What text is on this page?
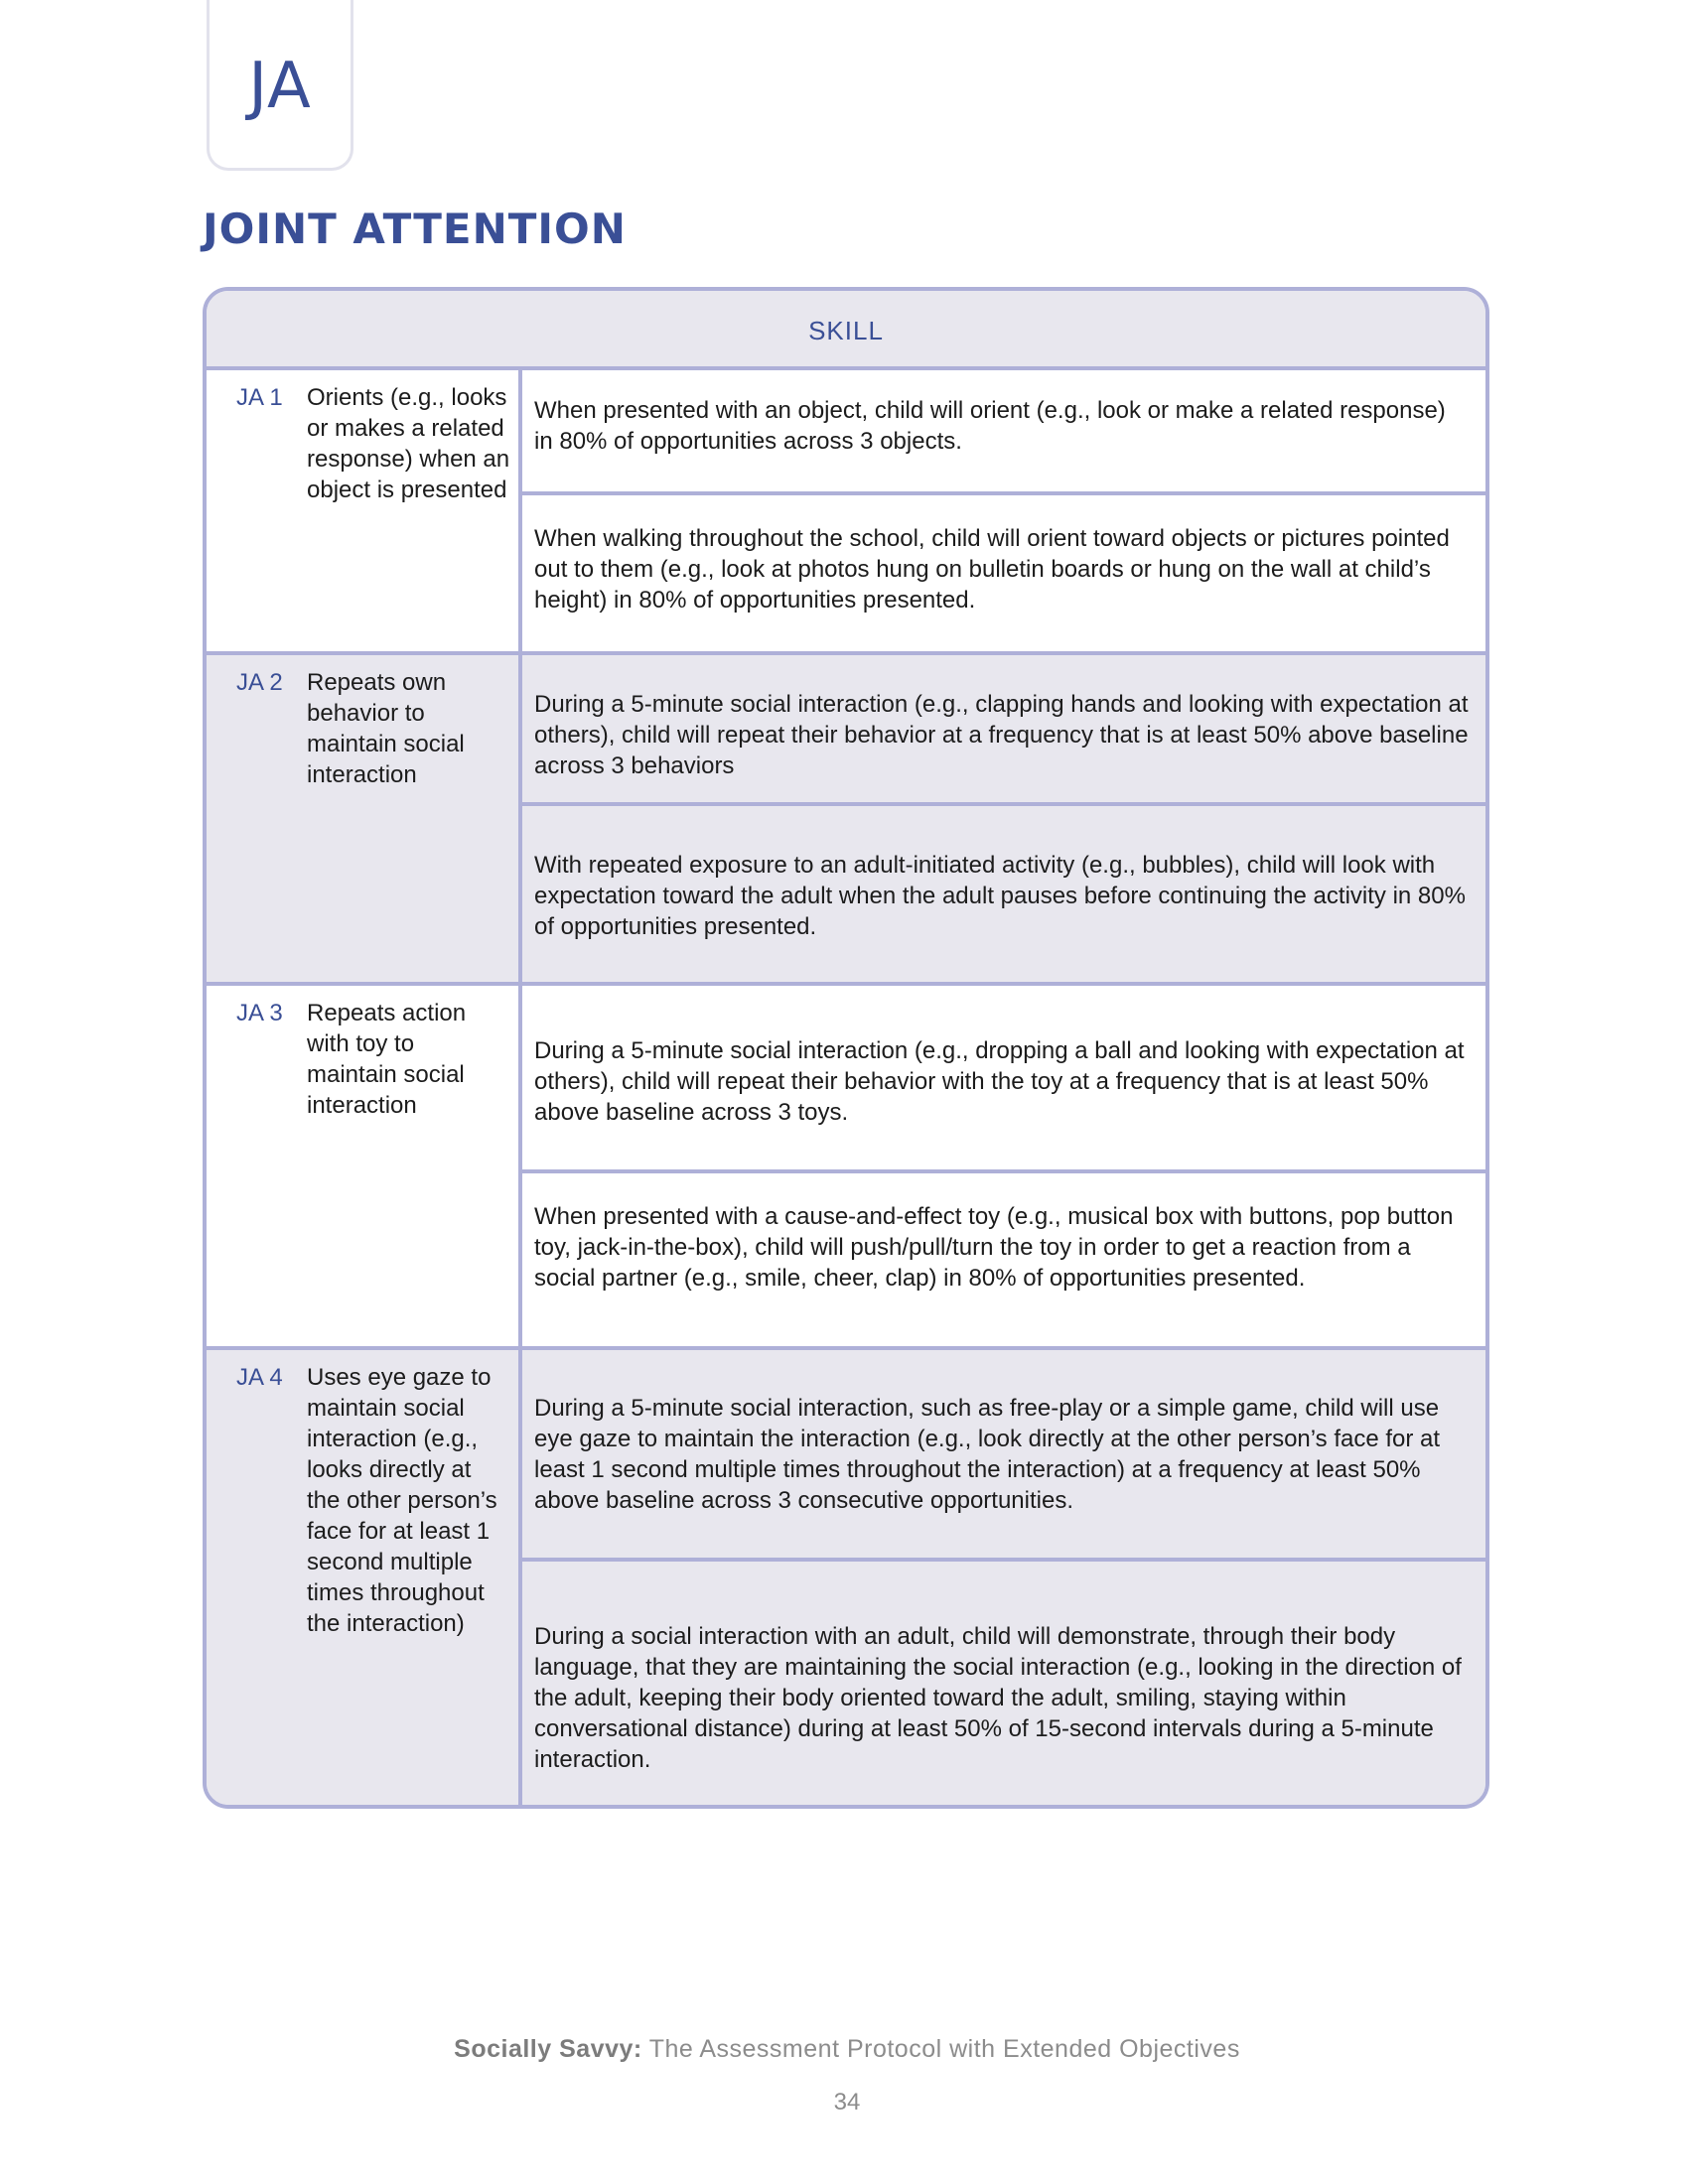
JA
JOINT ATTENTION
SKILL
JA 1 Orients (e.g., looks or makes a related response) when an object is presented
When presented with an object, child will orient (e.g., look or make a related response) in 80% of opportunities across 3 objects.
When walking throughout the school, child will orient toward objects or pictures pointed out to them (e.g., look at photos hung on bulletin boards or hung on the wall at child’s height) in 80% of opportunities presented.
JA 2 Repeats own behavior to maintain social interaction
During a 5-minute social interaction (e.g., clapping hands and looking with expectation at others), child will repeat their behavior at a frequency that is at least 50% above baseline across 3 behaviors
With repeated exposure to an adult-initiated activity (e.g., bubbles), child will look with expectation toward the adult when the adult pauses before continuing the activity in 80% of opportunities presented.
JA 3 Repeats action with toy to maintain social interaction
During a 5-minute social interaction (e.g., dropping a ball and looking with expectation at others), child will repeat their behavior with the toy at a frequency that is at least 50% above baseline across 3 toys.
When presented with a cause-and-effect toy (e.g., musical box with buttons, pop button toy, jack-in-the-box), child will push/pull/turn the toy in order to get a reaction from a social partner (e.g., smile, cheer, clap) in 80% of opportunities presented.
JA 4 Uses eye gaze to maintain social interaction (e.g., looks directly at the other person’s face for at least 1 second multiple times throughout the interaction)
During a 5-minute social interaction, such as free-play or a simple game, child will use eye gaze to maintain the interaction (e.g., look directly at the other person’s face for at least 1 second multiple times throughout the interaction) at a frequency at least 50% above baseline across 3 consecutive opportunities.
During a social interaction with an adult, child will demonstrate, through their body language, that they are maintaining the social interaction (e.g., looking in the direction of the adult, keeping their body oriented toward the adult, smiling, staying within conversational distance) during at least 50% of 15-second intervals during a 5-minute interaction.
Socially Savvy: The Assessment Protocol with Extended Objectives
34
